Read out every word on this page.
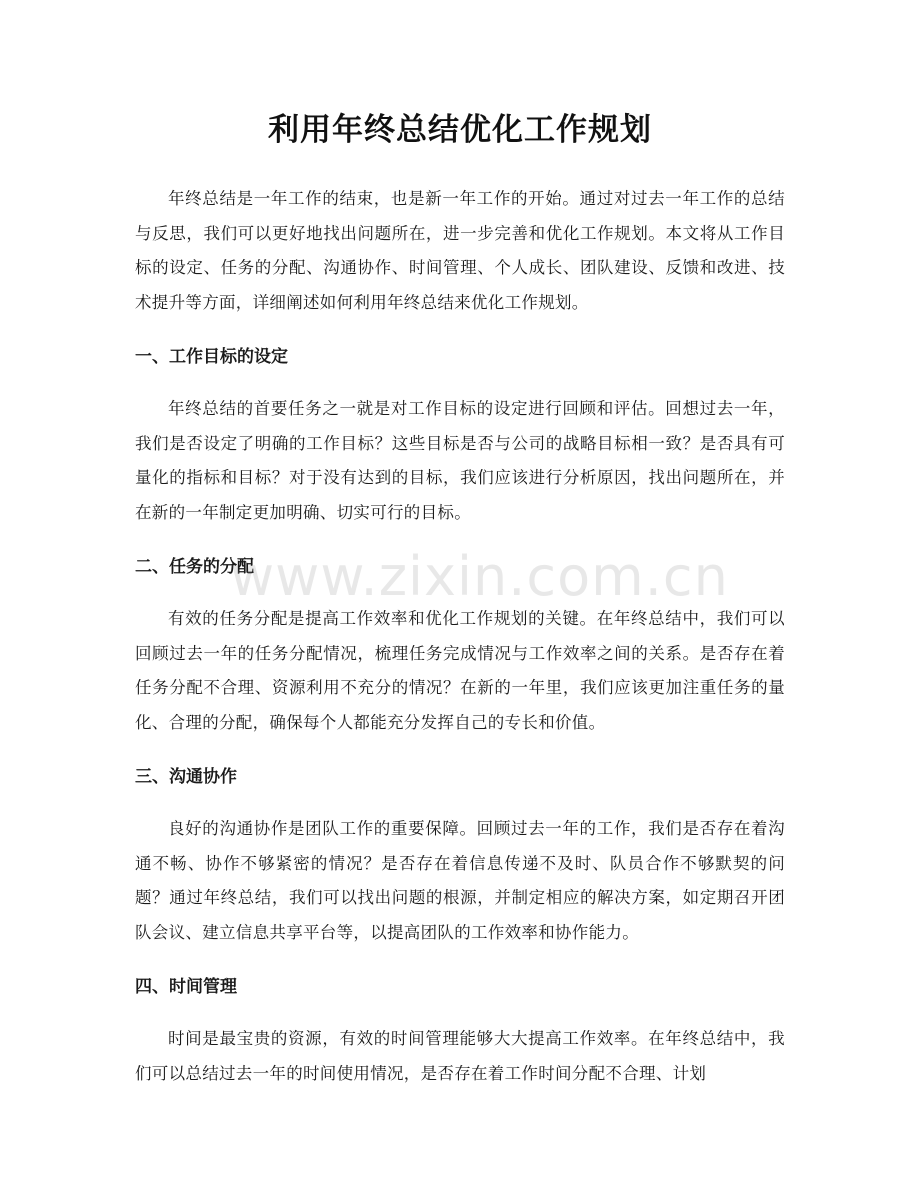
利用年终总结优化工作规划

年终总结是一年工作的结束，也是新一年工作的开始。通过对过去一年工作的总结与反思，我们可以更好地找出问题所在，进一步完善和优化工作规划。本文将从工作目标的设定、任务的分配、沟通协作、时间管理、个人成长、团队建设、反馈和改进、技术提升等方面，详细阐述如何利用年终总结来优化工作规划。

一、工作目标的设定

年终总结的首要任务之一就是对工作目标的设定进行回顾和评估。回想过去一年，我们是否设定了明确的工作目标？这些目标是否与公司的战略目标相一致？是否具有可量化的指标和目标？对于没有达到的目标，我们应该进行分析原因，找出问题所在，并在新的一年制定更加明确、切实可行的目标。

二、任务的分配

有效的任务分配是提高工作效率和优化工作规划的关键。在年终总结中，我们可以回顾过去一年的任务分配情况，梳理任务完成情况与工作效率之间的关系。是否存在着任务分配不合理、资源利用不充分的情况？在新的一年里，我们应该更加注重任务的量化、合理的分配，确保每个人都能充分发挥自己的专长和价值。

三、沟通协作

良好的沟通协作是团队工作的重要保障。回顾过去一年的工作，我们是否存在着沟通不畅、协作不够紧密的情况？是否存在着信息传递不及时、队员合作不够默契的问题？通过年终总结，我们可以找出问题的根源，并制定相应的解决方案，如定期召开团队会议、建立信息共享平台等，以提高团队的工作效率和协作能力。

四、时间管理

时间是最宝贵的资源，有效的时间管理能够大大提高工作效率。在年终总结中，我们可以总结过去一年的时间使用情况，是否存在着工作时间分配不合理、计划

www.zixin.com.cn
